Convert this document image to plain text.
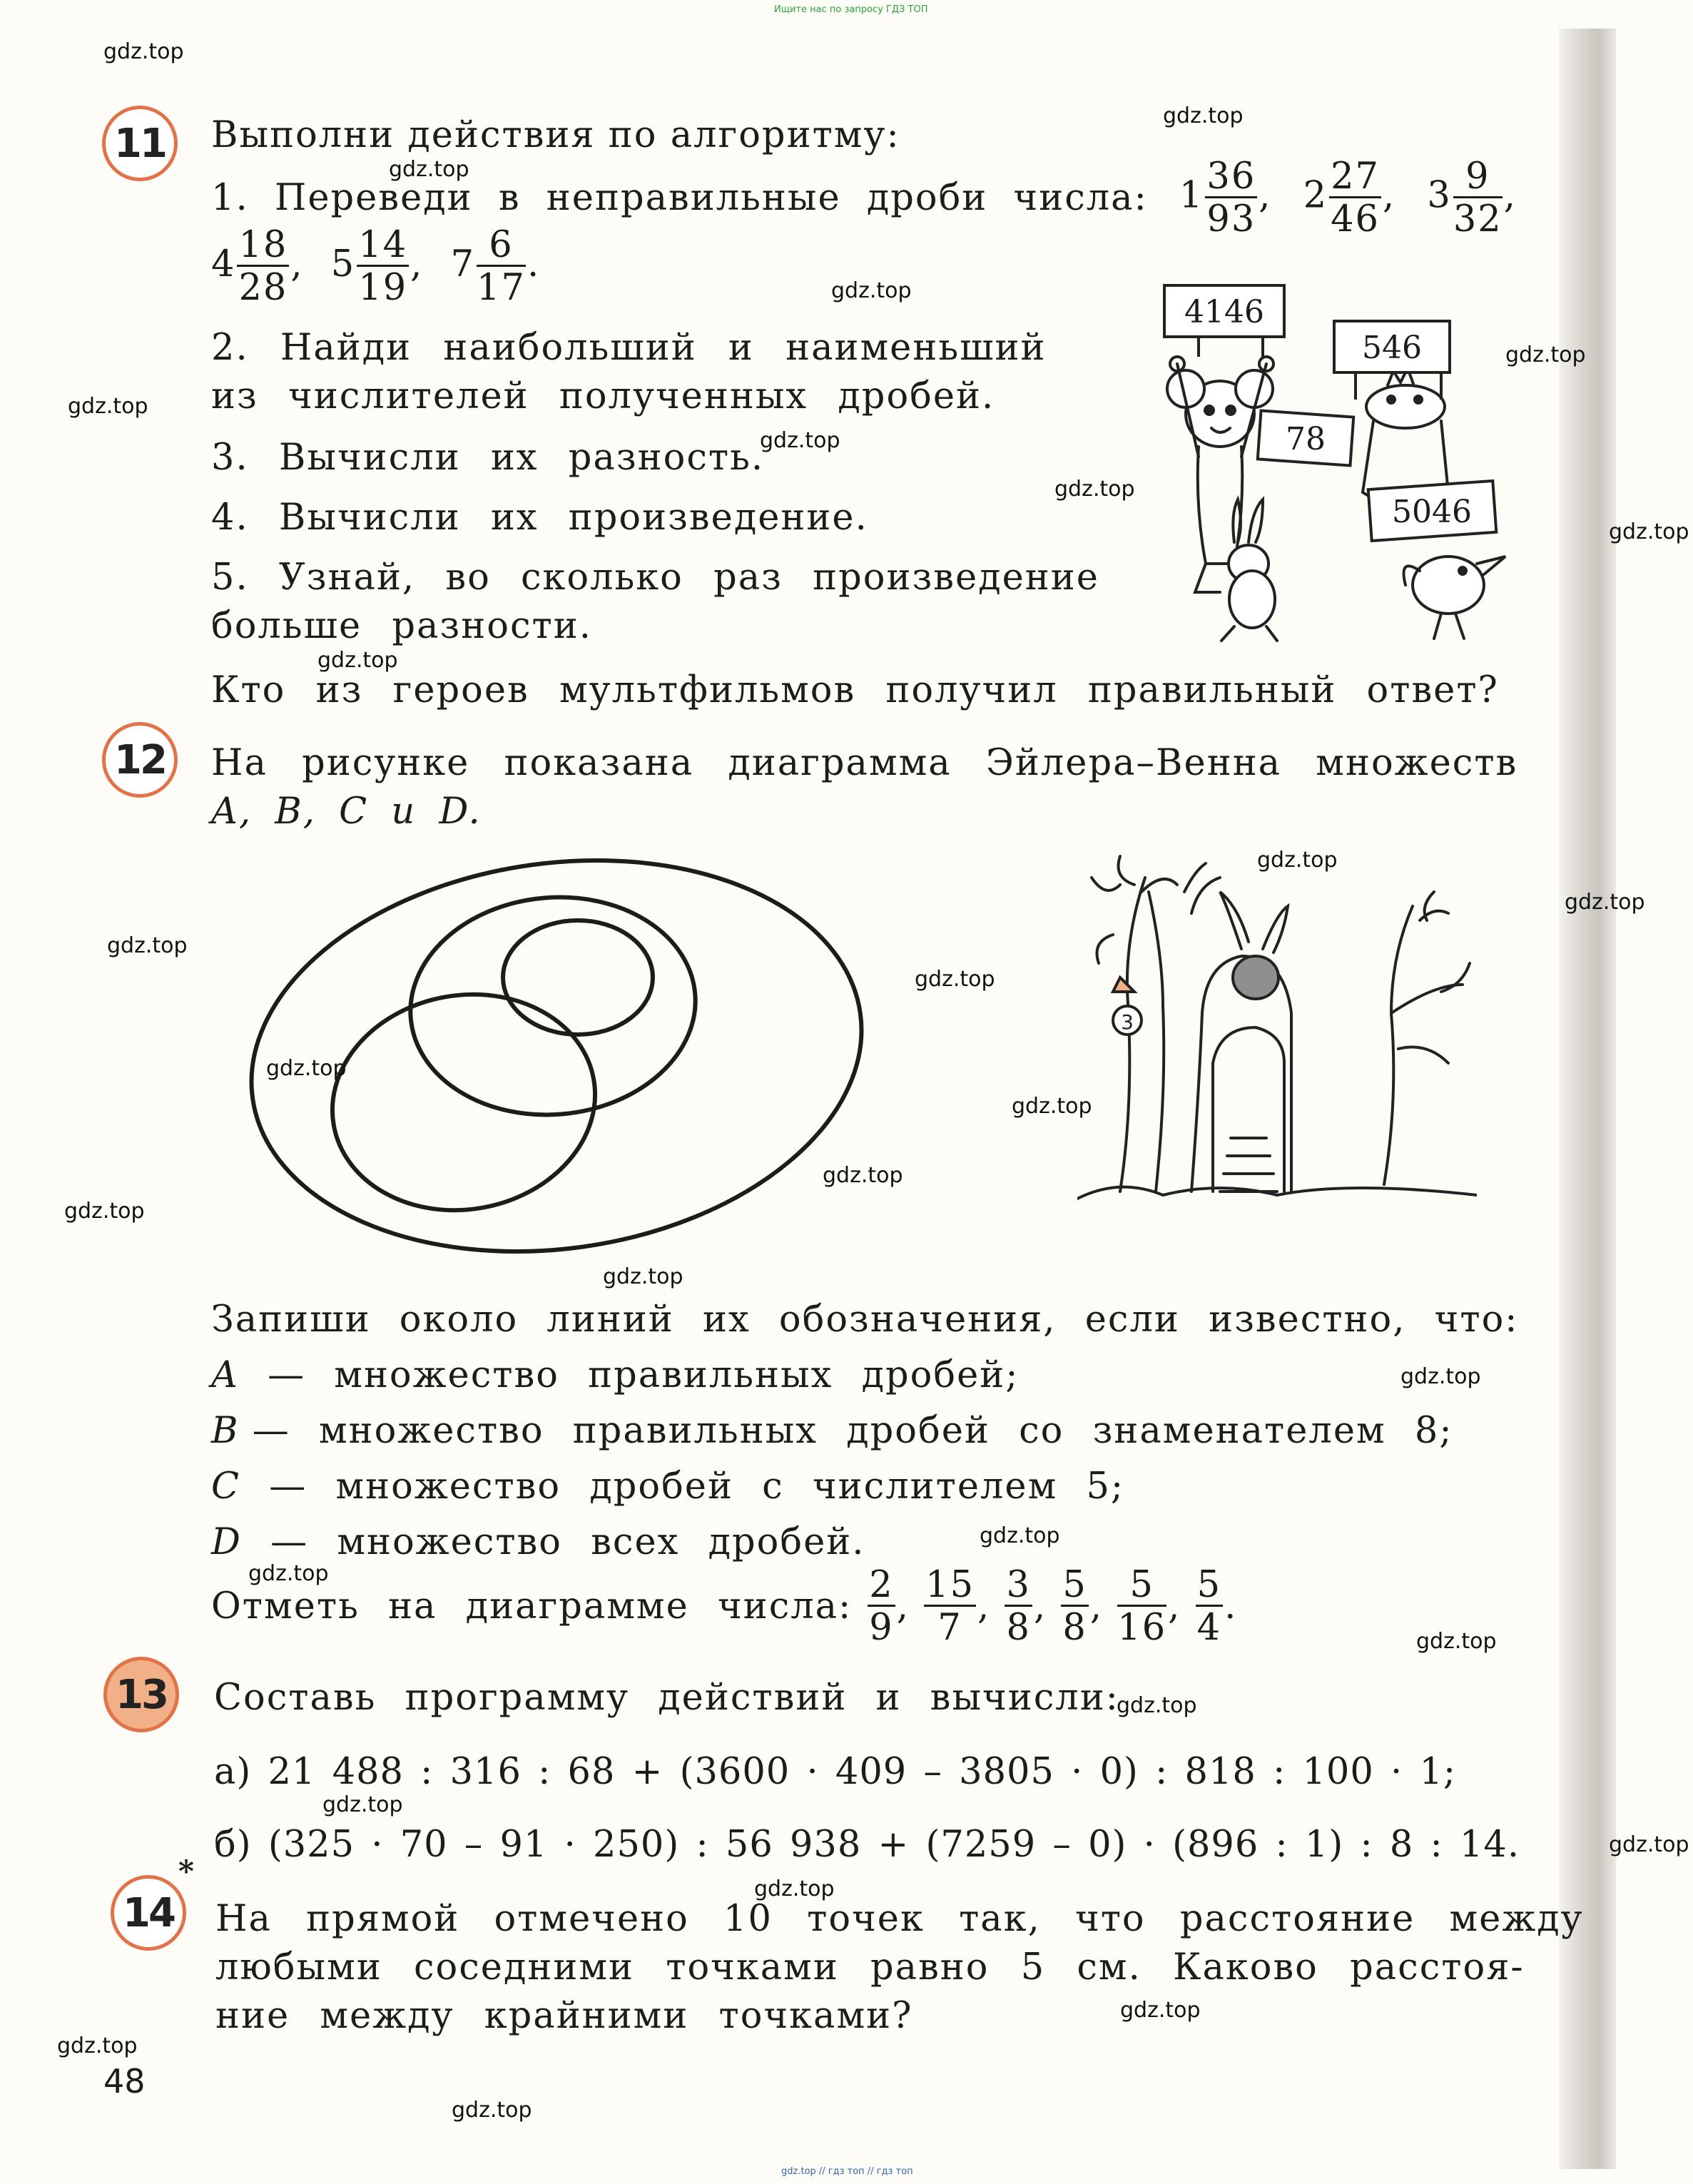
Ищите нас по запросу ГДЗ ТОП
11 Выполни действия по алгоритму:
1. Переведи в неправильные дроби числа: $1 \frac{36}{93}$ , $2 \frac{27}{46}$ , $3 \frac{9}{32}$ ,
$4 \frac{18}{28}$ , $5 \frac{14}{19}$ , $7 \frac{6}{17}$ .
2. Найди наибольший и наименьший
из числителей полученных дробей.
3. Вычисли их разность.
4. Вычисли их произведение.
5. Узнай, во сколько раз произведение
больше разности.
Кто из героев мультфильмов получил правильный ответ?
4146
546
78
5046
12 На рисунке показана диаграмма Эйлера–Венна множеств
A, B, C и D.
3
Запиши около линий их обозначения, если известно, что:
A — множество правильных дробей;
B — множество правильных дробей со знаменателем 8;
C — множество дробей с числителем 5;
D — множество всех дробей.
Отметь на диаграмме числа: $\frac{2}{9}$ , $\frac{15}{7}$ , $\frac{3}{8}$ , $\frac{5}{8}$ , $\frac{5}{16}$ , $\frac{5}{4}$ .
13 Составь программу действий и вычисли:
а) 21 488 : 316 : 68 + (3600 · 409 – 3805 · 0) : 818 : 100 · 1;
б) (325 · 70 – 91 · 250) : 56 938 + (7259 – 0) · (896 : 1) : 8 : 14.
14
*
На прямой отмечено 10 точек так, что расстояние между
любыми соседними точками равно 5 см. Каково расстоя-
ние между крайними точками?
48
gdz.top
gdz.top
gdz.top
gdz.top
gdz.top
gdz.top
gdz.top
gdz.top
gdz.top
gdz.top
gdz.top
gdz.top
gdz.top
gdz.top
gdz.top
gdz.top
gdz.top
gdz.top
gdz.top
gdz.top
gdz.top
gdz.top
gdz.top
gdz.top
gdz.top
gdz.top
gdz.top
gdz.top
gdz.top
gdz.top
gdz.top // гдз топ // гдз топ
